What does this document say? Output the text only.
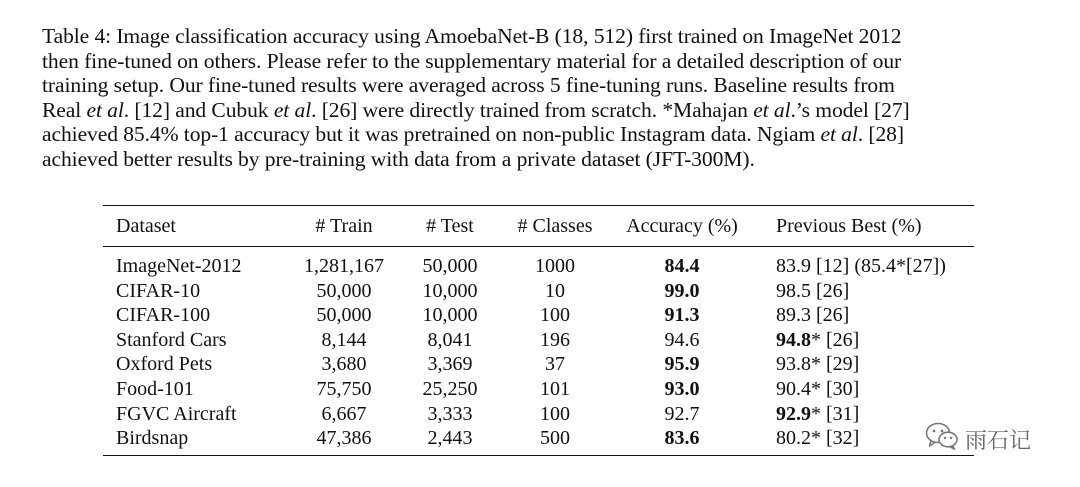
Table 4: Image classification accuracy using AmoebaNet-B (18, 512) first trained on ImageNet 2012
then fine-tuned on others. Please refer to the supplementary material for a detailed description of our
training setup. Our fine-tuned results were averaged across 5 fine-tuning runs. Baseline results from
Real et al. [12] and Cubuk et al. [26] were directly trained from scratch. *Mahajan et al.’s model [27]
achieved 85.4% top-1 accuracy but it was pretrained on non-public Instagram data. Ngiam et al. [28]
achieved better results by pre-training with data from a private dataset (JFT-300M).
Dataset	# Train	# Test	# Classes	Accuracy (%)	Previous Best (%)
ImageNet-2012	1,281,167	50,000	1000	84.4	83.9 [12] (85.4*[27])
CIFAR-10	50,000	10,000	10	99.0	98.5 [26]
CIFAR-100	50,000	10,000	100	91.3	89.3 [26]
Stanford Cars	8,144	8,041	196	94.6	94.8* [26]
Oxford Pets	3,680	3,369	37	95.9	93.8* [29]
Food-101	75,750	25,250	101	93.0	90.4* [30]
FGVC Aircraft	6,667	3,333	100	92.7	92.9* [31]
Birdsnap	47,386	2,443	500	83.6	80.2* [32]	雨石记
